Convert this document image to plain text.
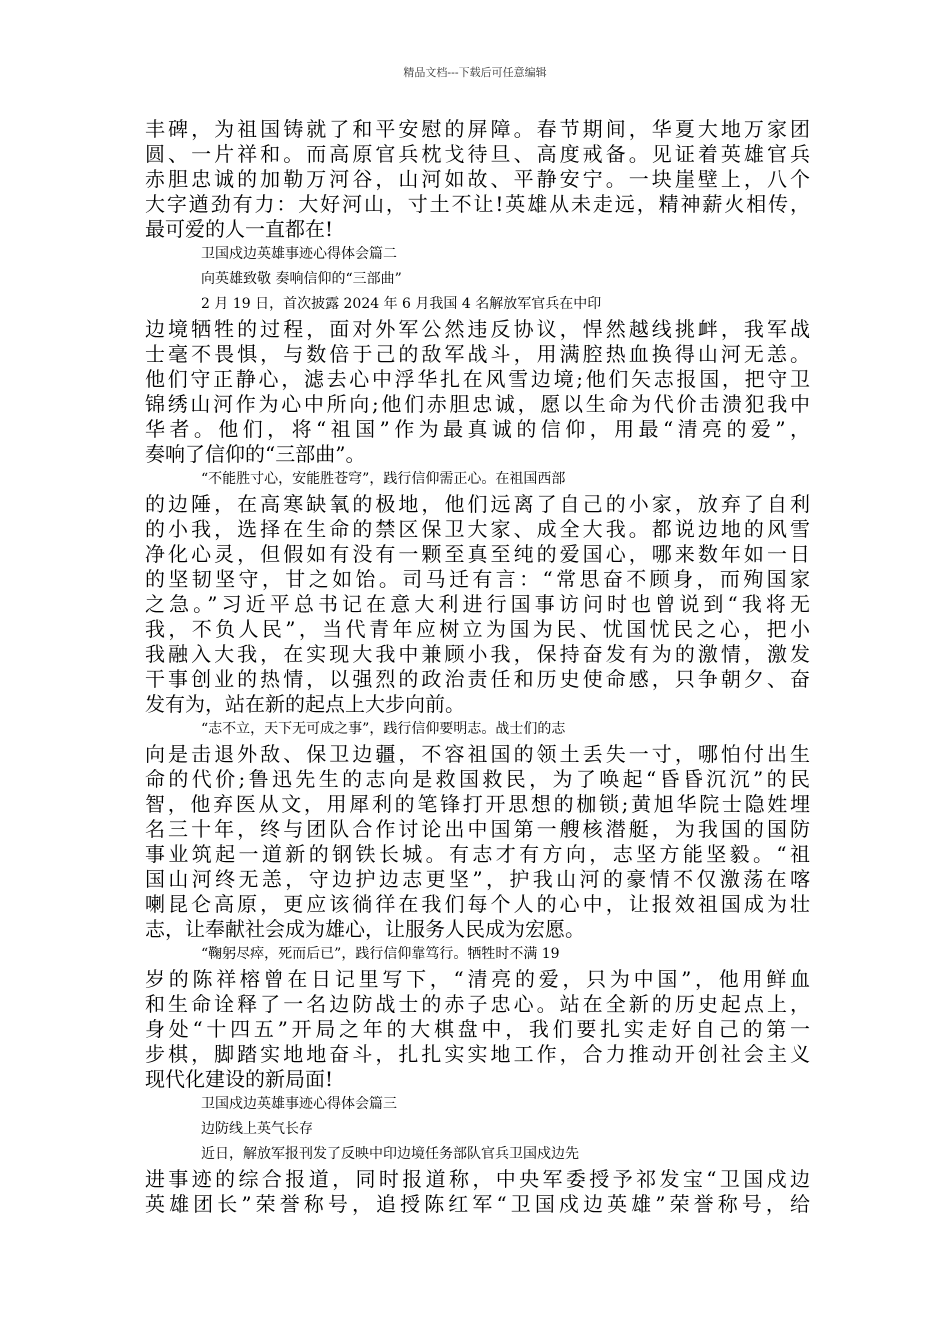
精品文档---下载后可任意编辑
丰碑，为祖国铸就了和平安慰的屏障。春节期间，华夏大地万家团
圆、一片祥和。而高原官兵枕戈待旦、高度戒备。见证着英雄官兵
赤胆忠诚的加勒万河谷，山河如故、平静安宁。一块崖壁上，八个
大字遒劲有力：大好河山，寸土不让!英雄从未走远，精神薪火相传，
最可爱的人一直都在!
卫国戍边英雄事迹心得体会篇二
向英雄致敬 奏响信仰的“三部曲”
2 月 19 日，首次披露 2024 年 6 月我国 4 名解放军官兵在中印
边境牺牲的过程，面对外军公然违反协议，悍然越线挑衅，我军战
士毫不畏惧，与数倍于己的敌军战斗，用满腔热血换得山河无恙。
他们守正静心，滤去心中浮华扎在风雪边境;他们矢志报国，把守卫
锦绣山河作为心中所向;他们赤胆忠诚，愿以生命为代价击溃犯我中
华者。他们，将“祖国”作为最真诚的信仰，用最“清亮的爱”，
奏响了信仰的“三部曲”。
“不能胜寸心，安能胜苍穹”，践行信仰需正心。在祖国西部
的边陲，在高寒缺氧的极地，他们远离了自己的小家，放弃了自利
的小我，选择在生命的禁区保卫大家、成全大我。都说边地的风雪
净化心灵，但假如有没有一颗至真至纯的爱国心，哪来数年如一日
的坚韧坚守，甘之如饴。司马迁有言：“常思奋不顾身，而殉国家
之急。”习近平总书记在意大利进行国事访问时也曾说到“我将无
我，不负人民”，当代青年应树立为国为民、忧国忧民之心，把小
我融入大我，在实现大我中兼顾小我，保持奋发有为的激情，激发
干事创业的热情，以强烈的政治责任和历史使命感，只争朝夕、奋
发有为，站在新的起点上大步向前。
“志不立，天下无可成之事”，践行信仰要明志。战士们的志
向是击退外敌、保卫边疆，不容祖国的领土丢失一寸，哪怕付出生
命的代价;鲁迅先生的志向是救国救民，为了唤起“昏昏沉沉”的民
智，他弃医从文，用犀利的笔锋打开思想的枷锁;黄旭华院士隐姓埋
名三十年，终与团队合作讨论出中国第一艘核潜艇，为我国的国防
事业筑起一道新的钢铁长城。有志才有方向，志坚方能坚毅。“祖
国山河终无恙，守边护边志更坚”，护我山河的豪情不仅激荡在喀
喇昆仑高原，更应该徜徉在我们每个人的心中，让报效祖国成为壮
志，让奉献社会成为雄心，让服务人民成为宏愿。
“鞠躬尽瘁，死而后已”，践行信仰靠笃行。牺牲时不满 19
岁的陈祥榕曾在日记里写下，“清亮的爱，只为中国”，他用鲜血
和生命诠释了一名边防战士的赤子忠心。站在全新的历史起点上，
身处“十四五”开局之年的大棋盘中，我们要扎实走好自己的第一
步棋，脚踏实地地奋斗，扎扎实实地工作，合力推动开创社会主义
现代化建设的新局面!
卫国戍边英雄事迹心得体会篇三
边防线上英气长存
近日，解放军报刊发了反映中印边境任务部队官兵卫国戍边先
进事迹的综合报道，同时报道称，中央军委授予祁发宝“卫国戍边
英雄团长”荣誉称号，追授陈红军“卫国戍边英雄”荣誉称号，给
